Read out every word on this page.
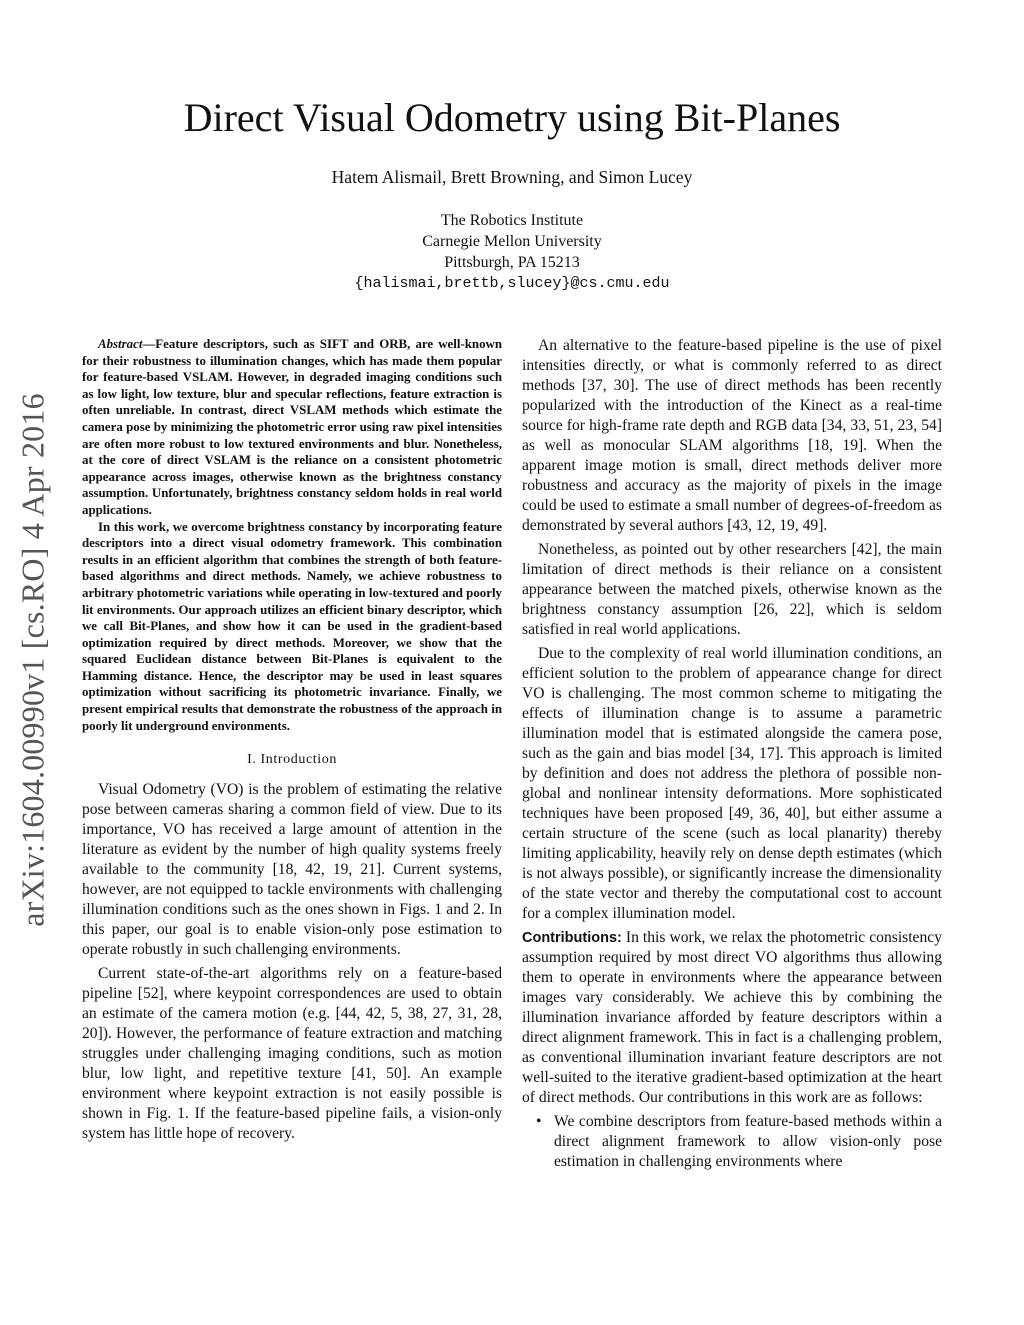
arXiv:1604.00990v1 [cs.RO] 4 Apr 2016
Direct Visual Odometry using Bit-Planes
Hatem Alismail, Brett Browning, and Simon Lucey
The Robotics Institute
Carnegie Mellon University
Pittsburgh, PA 15213
{halismai,brettb,slucey}@cs.cmu.edu

Abstract—Feature descriptors, such as SIFT and ORB, are well-known for their robustness to illumination changes, which has made them popular for feature-based VSLAM. However, in degraded imaging conditions such as low light, low texture, blur and specular reflections, feature extraction is often unreliable. In contrast, direct VSLAM methods which estimate the camera pose by minimizing the photometric error using raw pixel intensities are often more robust to low textured environments and blur. Nonetheless, at the core of direct VSLAM is the reliance on a consistent photometric appearance across images, otherwise known as the brightness constancy assumption. Unfortunately, brightness constancy seldom holds in real world applications.

In this work, we overcome brightness constancy by incorporating feature descriptors into a direct visual odometry framework. This combination results in an efficient algorithm that combines the strength of both feature-based algorithms and direct methods. Namely, we achieve robustness to arbitrary photometric variations while operating in low-textured and poorly lit environments. Our approach utilizes an efficient binary descriptor, which we call Bit-Planes, and show how it can be used in the gradient-based optimization required by direct methods. Moreover, we show that the squared Euclidean distance between Bit-Planes is equivalent to the Hamming distance. Hence, the descriptor may be used in least squares optimization without sacrificing its photometric invariance. Finally, we present empirical results that demonstrate the robustness of the approach in poorly lit underground environments.

I. Introduction

Visual Odometry (VO) is the problem of estimating the relative pose between cameras sharing a common field of view. Due to its importance, VO has received a large amount of attention in the literature as evident by the number of high quality systems freely available to the community [18, 42, 19, 21]. Current systems, however, are not equipped to tackle environments with challenging illumination conditions such as the ones shown in Figs. 1 and 2. In this paper, our goal is to enable vision-only pose estimation to operate robustly in such challenging environments.

Current state-of-the-art algorithms rely on a feature-based pipeline [52], where keypoint correspondences are used to obtain an estimate of the camera motion (e.g. [44, 42, 5, 38, 27, 31, 28, 20]). However, the performance of feature extraction and matching struggles under challenging imaging conditions, such as motion blur, low light, and repetitive texture [41, 50]. An example environment where keypoint extraction is not easily possible is shown in Fig. 1. If the feature-based pipeline fails, a vision-only system has little hope of recovery.

An alternative to the feature-based pipeline is the use of pixel intensities directly, or what is commonly referred to as direct methods [37, 30]. The use of direct methods has been recently popularized with the introduction of the Kinect as a real-time source for high-frame rate depth and RGB data [34, 33, 51, 23, 54] as well as monocular SLAM algorithms [18, 19]. When the apparent image motion is small, direct methods deliver more robustness and accuracy as the majority of pixels in the image could be used to estimate a small number of degrees-of-freedom as demonstrated by several authors [43, 12, 19, 49].

Nonetheless, as pointed out by other researchers [42], the main limitation of direct methods is their reliance on a consistent appearance between the matched pixels, otherwise known as the brightness constancy assumption [26, 22], which is seldom satisfied in real world applications.

Due to the complexity of real world illumination conditions, an efficient solution to the problem of appearance change for direct VO is challenging. The most common scheme to mitigating the effects of illumination change is to assume a parametric illumination model that is estimated alongside the camera pose, such as the gain and bias model [34, 17]. This approach is limited by definition and does not address the plethora of possible non-global and nonlinear intensity deformations. More sophisticated techniques have been proposed [49, 36, 40], but either assume a certain structure of the scene (such as local planarity) thereby limiting applicability, heavily rely on dense depth estimates (which is not always possible), or significantly increase the dimensionality of the state vector and thereby the computational cost to account for a complex illumination model.

Contributions: In this work, we relax the photometric consistency assumption required by most direct VO algorithms thus allowing them to operate in environments where the appearance between images vary considerably. We achieve this by combining the illumination invariance afforded by feature descriptors within a direct alignment framework. This in fact is a challenging problem, as conventional illumination invariant feature descriptors are not well-suited to the iterative gradient-based optimization at the heart of direct methods. Our contributions in this work are as follows:

• We combine descriptors from feature-based methods within a direct alignment framework to allow vision-only pose estimation in challenging environments where
